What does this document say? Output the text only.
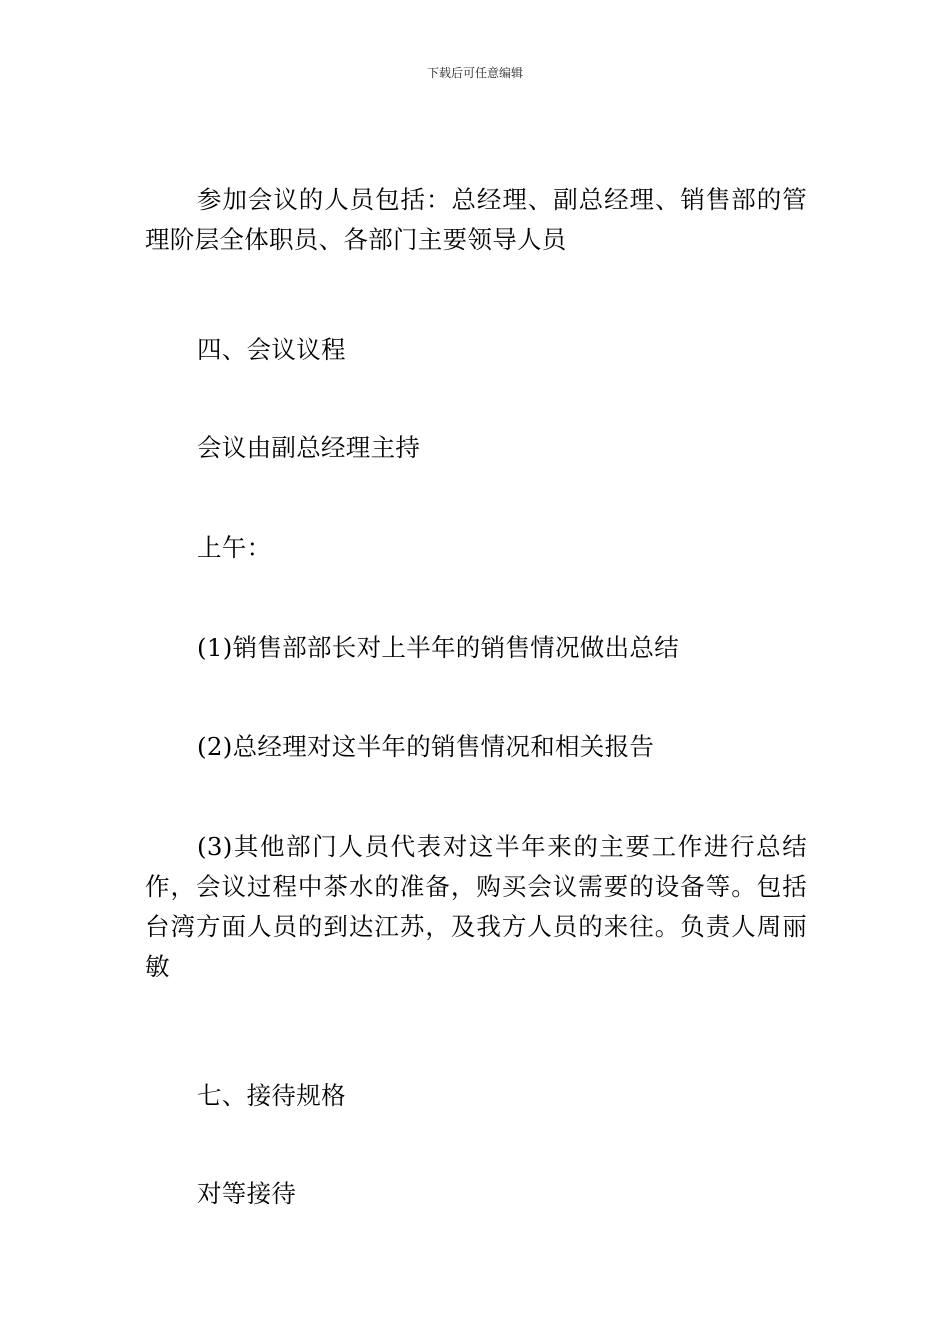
下载后可任意编辑

参加会议的人员包括：总经理、副总经理、销售部的管理阶层全体职员、各部门主要领导人员

四、会议议程

会议由副总经理主持

上午：

(1)销售部部长对上半年的销售情况做出总结

(2)总经理对这半年的销售情况和相关报告

(3)其他部门人员代表对这半年来的主要工作进行总结作，会议过程中茶水的准备，购买会议需要的设备等。包括台湾方面人员的到达江苏，及我方人员的来往。负责人周丽敏

七、接待规格

对等接待
